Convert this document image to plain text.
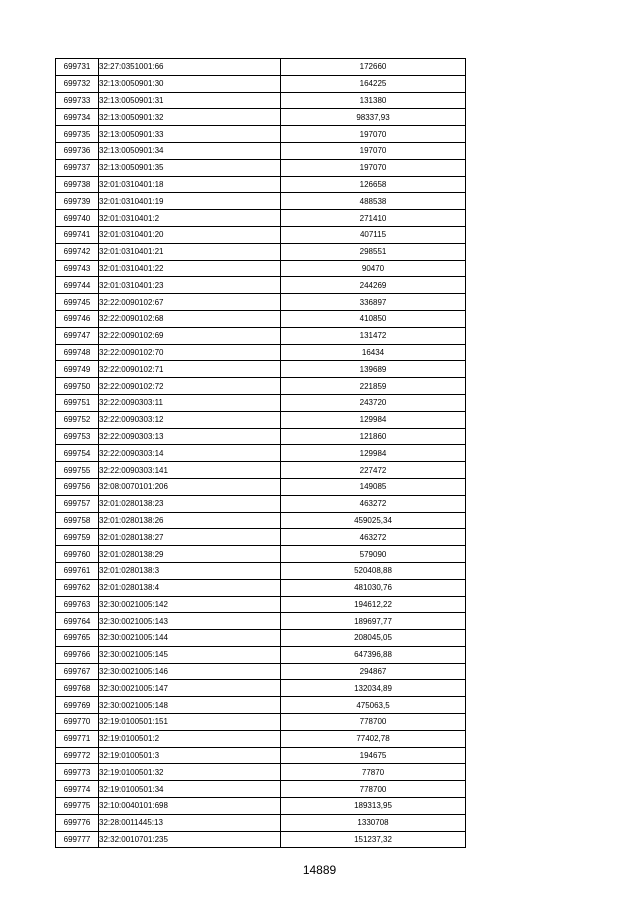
699731	32:27:0351001:66	172660
699732	32:13:0050901:30	164225
699733	32:13:0050901:31	131380
699734	32:13:0050901:32	98337,93
699735	32:13:0050901:33	197070
699736	32:13:0050901:34	197070
699737	32:13:0050901:35	197070
699738	32:01:0310401:18	126658
699739	32:01:0310401:19	488538
699740	32:01:0310401:2	271410
699741	32:01:0310401:20	407115
699742	32:01:0310401:21	298551
699743	32:01:0310401:22	90470
699744	32:01:0310401:23	244269
699745	32:22:0090102:67	336897
699746	32:22:0090102:68	410850
699747	32:22:0090102:69	131472
699748	32:22:0090102:70	16434
699749	32:22:0090102:71	139689
699750	32:22:0090102:72	221859
699751	32:22:0090303:11	243720
699752	32:22:0090303:12	129984
699753	32:22:0090303:13	121860
699754	32:22:0090303:14	129984
699755	32:22:0090303:141	227472
699756	32:08:0070101:206	149085
699757	32:01:0280138:23	463272
699758	32:01:0280138:26	459025,34
699759	32:01:0280138:27	463272
699760	32:01:0280138:29	579090
699761	32:01:0280138:3	520408,88
699762	32:01:0280138:4	481030,76
699763	32:30:0021005:142	194612,22
699764	32:30:0021005:143	189697,77
699765	32:30:0021005:144	208045,05
699766	32:30:0021005:145	647396,88
699767	32:30:0021005:146	294867
699768	32:30:0021005:147	132034,89
699769	32:30:0021005:148	475063,5
699770	32:19:0100501:151	778700
699771	32:19:0100501:2	77402,78
699772	32:19:0100501:3	194675
699773	32:19:0100501:32	77870
699774	32:19:0100501:34	778700
699775	32:10:0040101:698	189313,95
699776	32:28:0011445:13	1330708
699777	32:32:0010701:235	151237,32
14889
